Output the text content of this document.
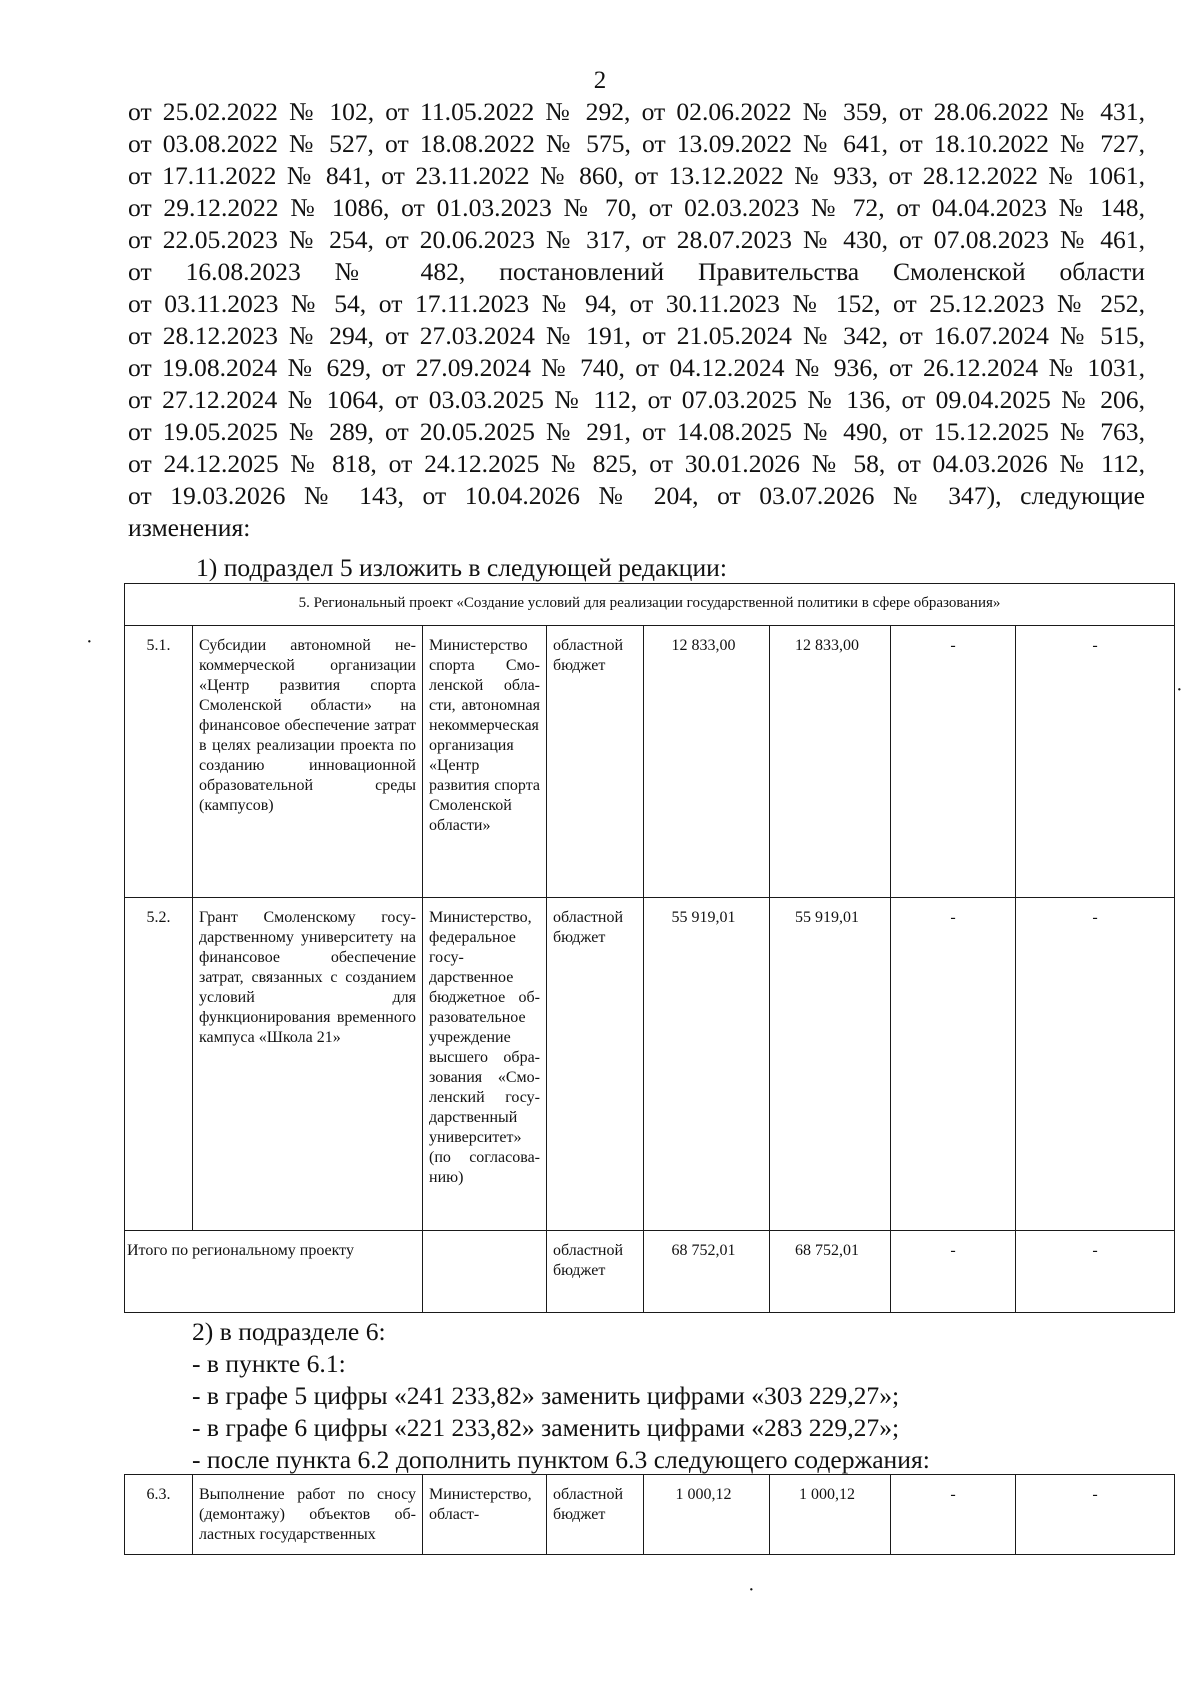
2

от 25.02.2022 № 102, от 11.05.2022 № 292, от 02.06.2022 № 359, от 28.06.2022 № 431,
от 03.08.2022 № 527, от 18.08.2022 № 575, от 13.09.2022 № 641, от 18.10.2022 № 727,
от 17.11.2022 № 841, от 23.11.2022 № 860, от 13.12.2022 № 933, от 28.12.2022 № 1061,
от 29.12.2022 № 1086, от 01.03.2023 № 70, от 02.03.2023 № 72, от 04.04.2023 № 148,
от 22.05.2023 № 254, от 20.06.2023 № 317, от 28.07.2023 № 430, от 07.08.2023 № 461,
от 16.08.2023 № 482, постановлений Правительства Смоленской области
от 03.11.2023 № 54, от 17.11.2023 № 94, от 30.11.2023 № 152, от 25.12.2023 № 252,
от 28.12.2023 № 294, от 27.03.2024 № 191, от 21.05.2024 № 342, от 16.07.2024 № 515,
от 19.08.2024 № 629, от 27.09.2024 № 740, от 04.12.2024 № 936, от 26.12.2024 № 1031,
от 27.12.2024 № 1064, от 03.03.2025 № 112, от 07.03.2025 № 136, от 09.04.2025 № 206,
от 19.05.2025 № 289, от 20.05.2025 № 291, от 14.08.2025 № 490, от 15.12.2025 № 763,
от 24.12.2025 № 818, от 24.12.2025 № 825, от 30.01.2026 № 58, от 04.03.2026 № 112,
от 19.03.2026 № 143, от 10.04.2026 № 204, от 03.07.2026 № 347), следующие
изменения:

1) подраздел 5 изложить в следующей редакции:
5. Региональный проект «Создание условий для реализации государственной политики в сфере образования»							
5.1.	Субсидии автономной некоммерческой организации «Центр развития спорта Смоленской области» на финансовое обеспечение затрат в целях реализации проекта по созданию инновационной образовательной среды (кампусов)	Министерство спорта Смоленской области, автономная некоммерческая организация «Центр развития спорта Смоленской области»	областной бюджет	12 833,00	12 833,00	-	-
5.2.	Грант Смоленскому государственному университету на финансовое обеспечение затрат, связанных с созданием условий для функционирования временного кампуса «Школа 21»	Министерство, федеральное государственное бюджетное образовательное учреждение высшего образования «Смоленский государственный университет» (по согласованию)	областной бюджет	55 919,01	55 919,01	-	-
Итого по региональному проекту			областной бюджет	68 752,01	68 752,01	-	-
2) в подразделе 6:
- в пункте 6.1:
- в графе 5 цифры «241 233,82» заменить цифрами «303 229,27»;
- в графе 6 цифры «221 233,82» заменить цифрами «283 229,27»;
- после пункта 6.2 дополнить пунктом 6.3 следующего содержания:
6.3.	Выполнение работ по сносу (демонтажу) объектов областных государственных	Министерство, област-	областной бюджет	1 000,12	1 000,12	-	-
·
·
·
